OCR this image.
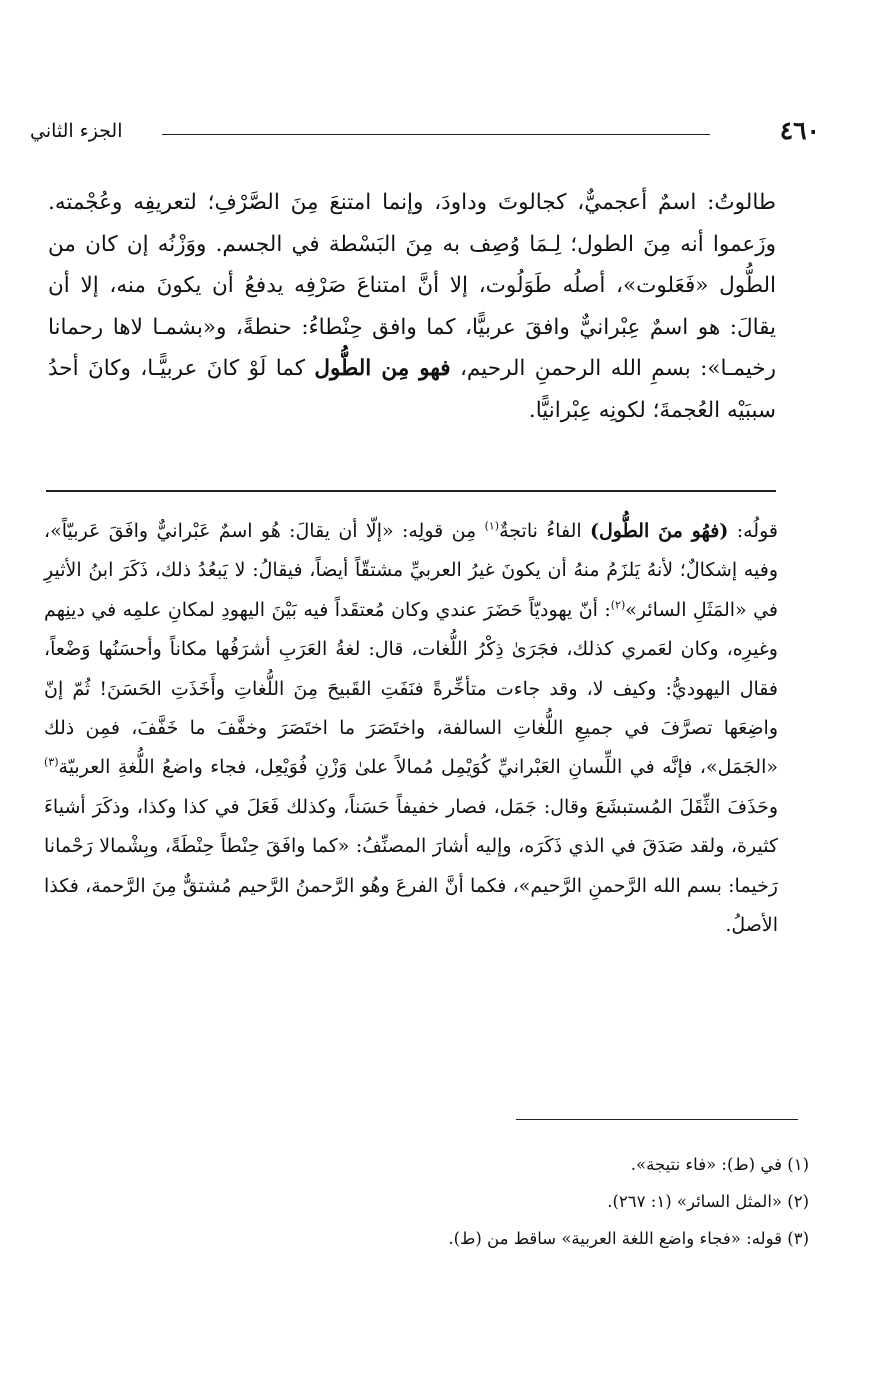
الجزء الثاني	٤٦٠

طالوتُ: اسمٌ أعجميٌّ، كجالوتَ وداودَ، وإنما امتنعَ مِنَ الصَّرْفِ؛ لتعريفِه وعُجْمته. وزَعموا أنه مِنَ الطول؛ لِـمَا وُصِف به مِنَ البَسْطة في الجسم. ووَزْنُه إن كان من الطُّول «فَعَلوت»، أصلُه طَوَلُوت، إلا أنَّ امتناعَ صَرْفِه يدفعُ أن يكونَ منه، إلا أن يقالَ: هو اسمٌ عِبْرانيٌّ وافقَ عربيًّا، كما وافق حِنْطاءُ: حنطةً، و«بشمـا لاها رحمانا رخيمـا»: بسمِ الله الرحمنِ الرحيم، فهو مِن الطُّول كما لَوْ كانَ عربيًّـا، وكانَ أحدُ سببَيْه العُجمةَ؛ لكونِه عِبْرانيًّا.

قولُه: (فهُو منَ الطُّول) الفاءُ ناتجةٌ$^{(١)}$ مِن قولِه: «إلّا أن يقالَ: هُو اسمٌ عَبْرانيٌّ وافَقَ عَربيّاً»، وفيه إشكالٌ؛ لأنهُ يَلزَمُ منهُ أن يكونَ غيرُ العربيِّ مشتقّاً أيضاً، فيقالُ: لا يَبعُدُ ذلك، ذَكَرَ ابنُ الأثيرِ في «المَثَلِ السائر»$^{(٢)}$: أنّ يهوديّاً حَضَرَ عندي وكان مُعتقَداً فيه بَيْنَ اليهودِ لمكانِ علمِه في دينِهم وغيرِه، وكان لعَمري كذلك، فجَرَىٰ ذِكْرُ اللُّغات، قال: لغةُ العَرَبِ أشرَفُها مكاناً وأحسَنُها وَضْعاً، فقال اليهوديُّ: وكيف لا، وقد جاءت متأخِّرةً فنَفَتِ القَبيحَ مِنَ اللُّغاتِ وأَخَذَتِ الحَسَنَ! ثُمّ إنّ واضِعَها تصرَّفَ في جميعِ اللُّغاتِ السالفة، واختَصَرَ ما اختَصَرَ وخفَّفَ ما خَفَّفَ، فمِن ذلك «الجَمَل»، فإنَّه في اللِّسانِ العَبْرانيِّ كُوَيْمِل مُمالاً علىٰ وَزْنِ فُوَيْعِل، فجاء واضعُ اللُّغةِ العربيّة$^{(٣)}$ وحَذَفَ الثِّقَلَ المُستبشَعَ وقال: جَمَل، فصار خفيفاً حَسَناً، وكذلك فَعَلَ في كذا وكذا، وذكَرَ أشياءَ كثيرة، ولقد صَدَقَ في الذي ذَكَرَه، وإليه أشارَ المصنِّفُ: «كما وافَقَ حِنْطاً حِنْطَةً، وبِشْمالا رَحْمانا رَخيما: بسم الله الرَّحمنِ الرَّحيم»، فكما أنَّ الفرعَ وهُو الرَّحمنُ الرَّحيم مُشتقٌّ مِنَ الرَّحمة، فكذا الأصلُ.

(١) في (ط): «فاء نتيجة».
(٢) «المثل السائر» (١: ٢٦٧).
(٣) قوله: «فجاء واضع اللغة العربية» ساقط من (ط).
